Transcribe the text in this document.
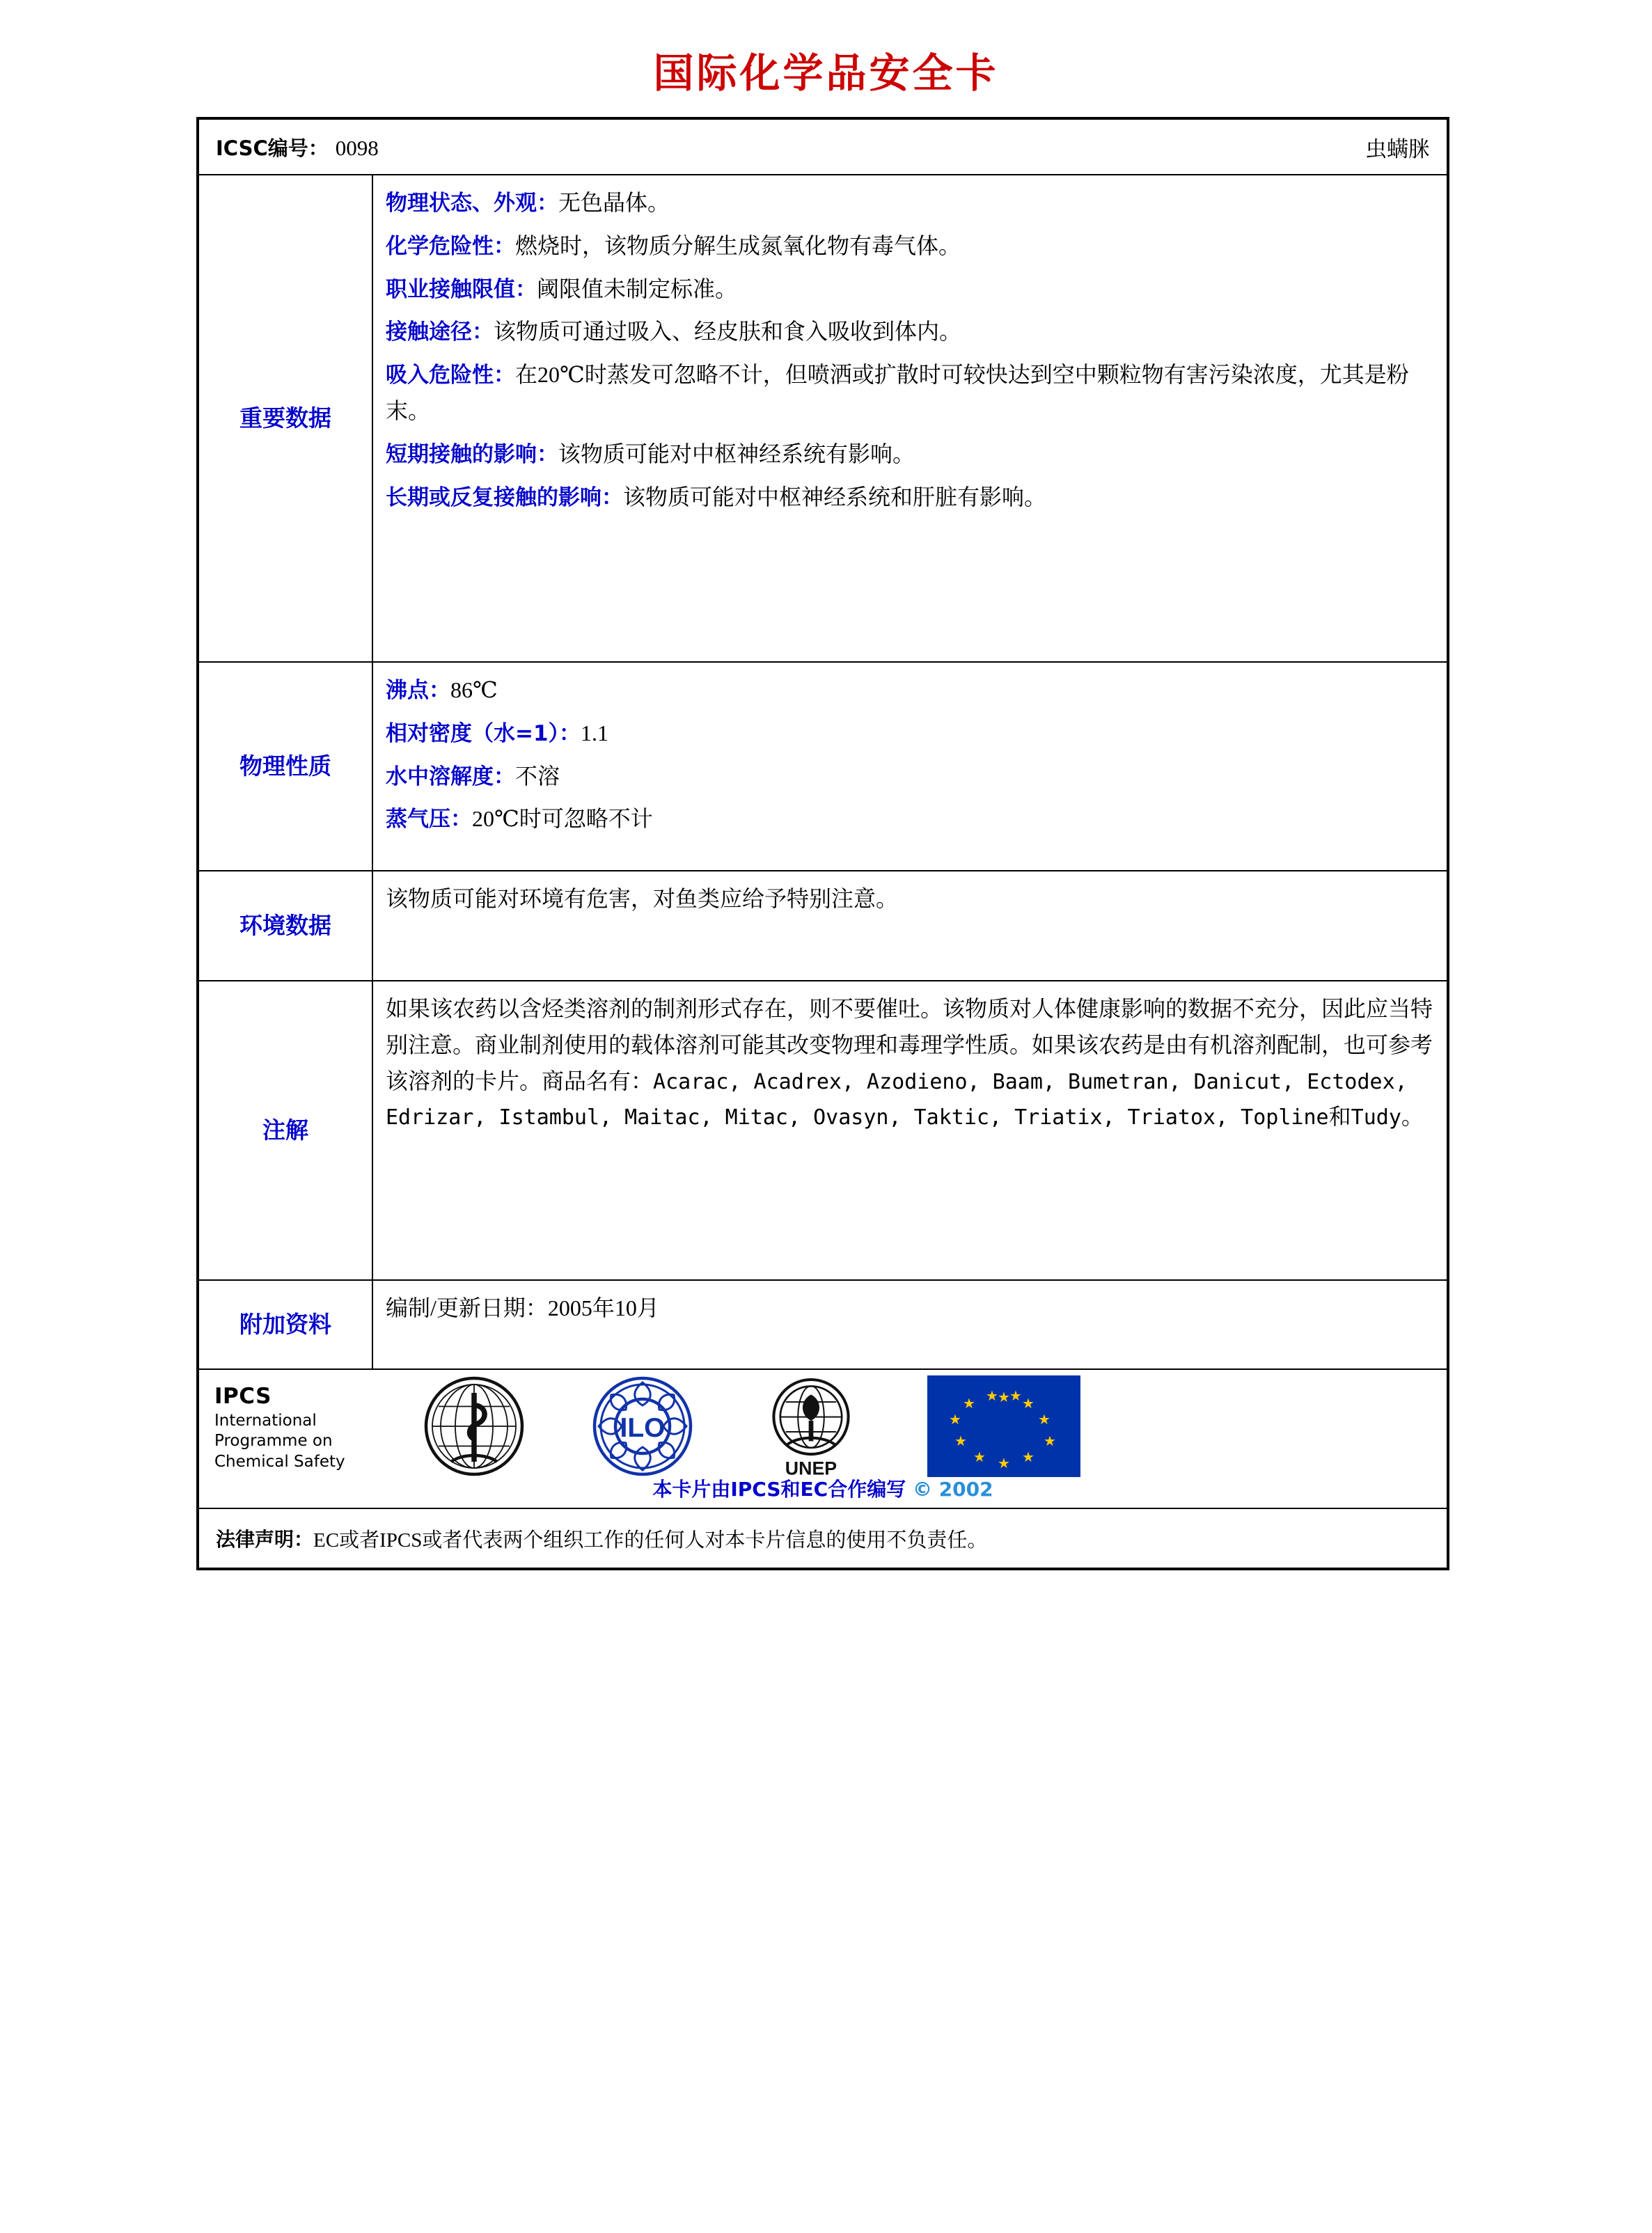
国际化学品安全卡
ICSC编号： 0098	虫螨脒
重要数据

物理状态、外观：无色晶体。

化学危险性：燃烧时，该物质分解生成氮氧化物有毒气体。

职业接触限值：阈限值未制定标准。

接触途径：该物质可通过吸入、经皮肤和食入吸收到体内。

吸入危险性：在20℃时蒸发可忽略不计，但喷洒或扩散时可较快达到空中颗粒物有害污染浓度，尤其是粉末。

短期接触的影响：该物质可能对中枢神经系统有影响。

长期或反复接触的影响：该物质可能对中枢神经系统和肝脏有影响。

物理性质

沸点：86℃

相对密度（水=1）：1.1

水中溶解度：不溶

蒸气压：20℃时可忽略不计

环境数据

该物质可能对环境有危害，对鱼类应给予特别注意。

注解

如果该农药以含烃类溶剂的制剂形式存在，则不要催吐。该物质对人体健康影响的数据不充分，因此应当特别注意。商业制剂使用的载体溶剂可能其改变物理和毒理学性质。如果该农药是由有机溶剂配制，也可参考该溶剂的卡片。商品名有：Acarac, Acadrex, Azodieno, Baam, Bumetran, Danicut, Ectodex, Edrizar, Istambul, Maitac, Mitac, Ovasyn, Taktic, Triatix, Triatox, Topline和Tudy。

附加资料

编制/更新日期：2005年10月

IPCS
International
Programme on
Chemical Safety
ILO
UNEP
★ ★
★
★
★
★
★
★
★
★ ★ ★
本卡片由IPCS和EC合作编写 © 2002
法律声明： EC或者IPCS或者代表两个组织工作的任何人对本卡片信息的使用不负责任。
